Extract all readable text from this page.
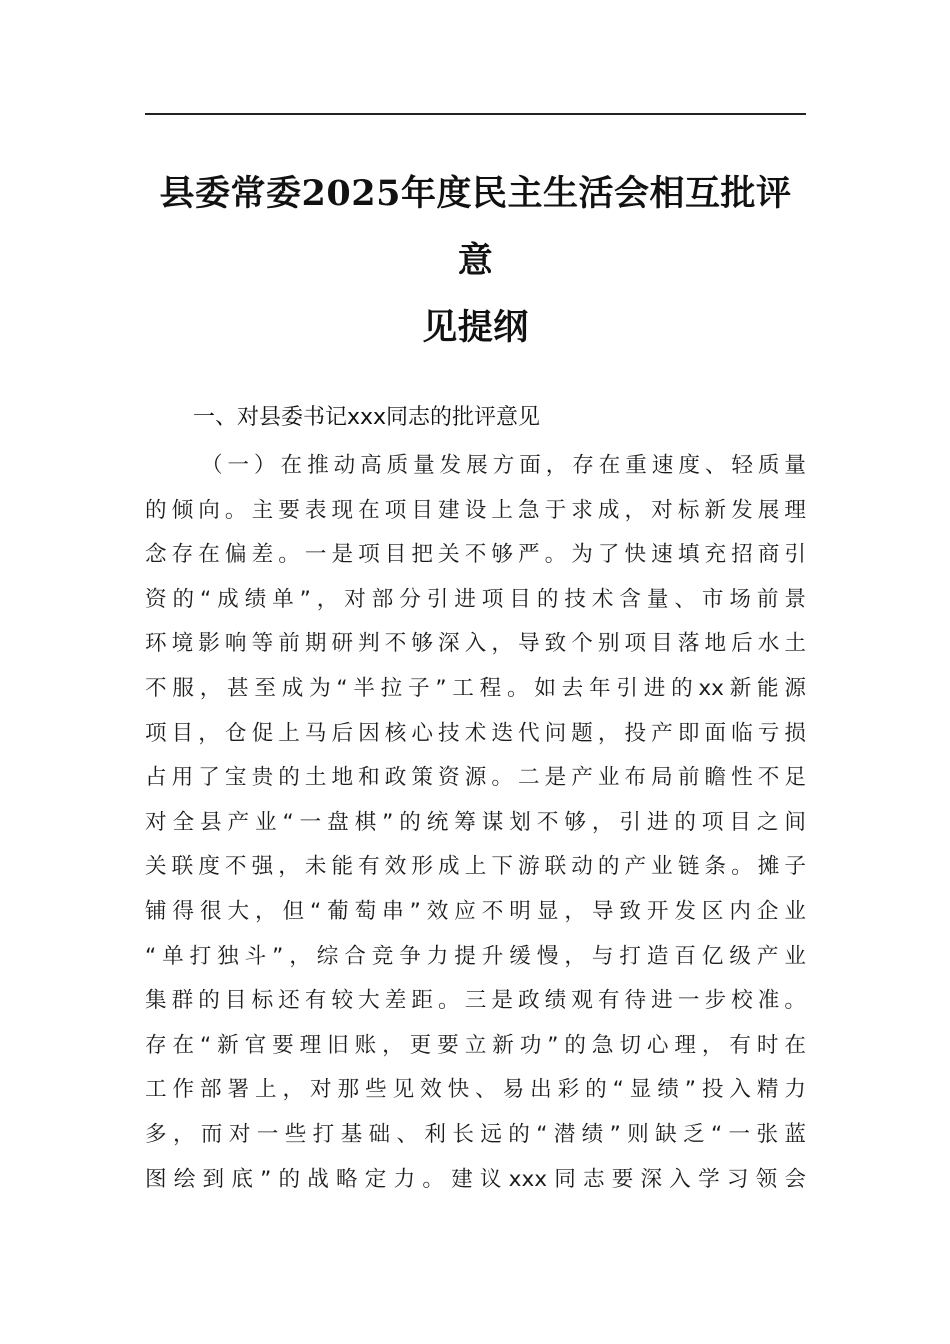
县委常委2025年度民主生活会相互批评意
见提纲
一、对县委书记xxx同志的批评意见
（一）在推动高质量发展方面，存在重速度、轻质量
的倾向。主要表现在项目建设上急于求成，对标新发展理
念存在偏差。一是项目把关不够严。为了快速填充招商引
资的“成绩单”，对部分引进项目的技术含量、市场前景
环境影响等前期研判不够深入，导致个别项目落地后水土
不服，甚至成为“半拉子”工程。如去年引进的xx新能源
项目，仓促上马后因核心技术迭代问题，投产即面临亏损
占用了宝贵的土地和政策资源。二是产业布局前瞻性不足
对全县产业“一盘棋”的统筹谋划不够，引进的项目之间
关联度不强，未能有效形成上下游联动的产业链条。摊子
铺得很大，但“葡萄串”效应不明显，导致开发区内企业
“单打独斗”，综合竞争力提升缓慢，与打造百亿级产业
集群的目标还有较大差距。三是政绩观有待进一步校准。
存在“新官要理旧账，更要立新功”的急切心理，有时在
工作部署上，对那些见效快、易出彩的“显绩”投入精力
多，而对一些打基础、利长远的“潜绩”则缺乏“一张蓝
图绘到底”的战略定力。建议xxx同志要深入学习领会
